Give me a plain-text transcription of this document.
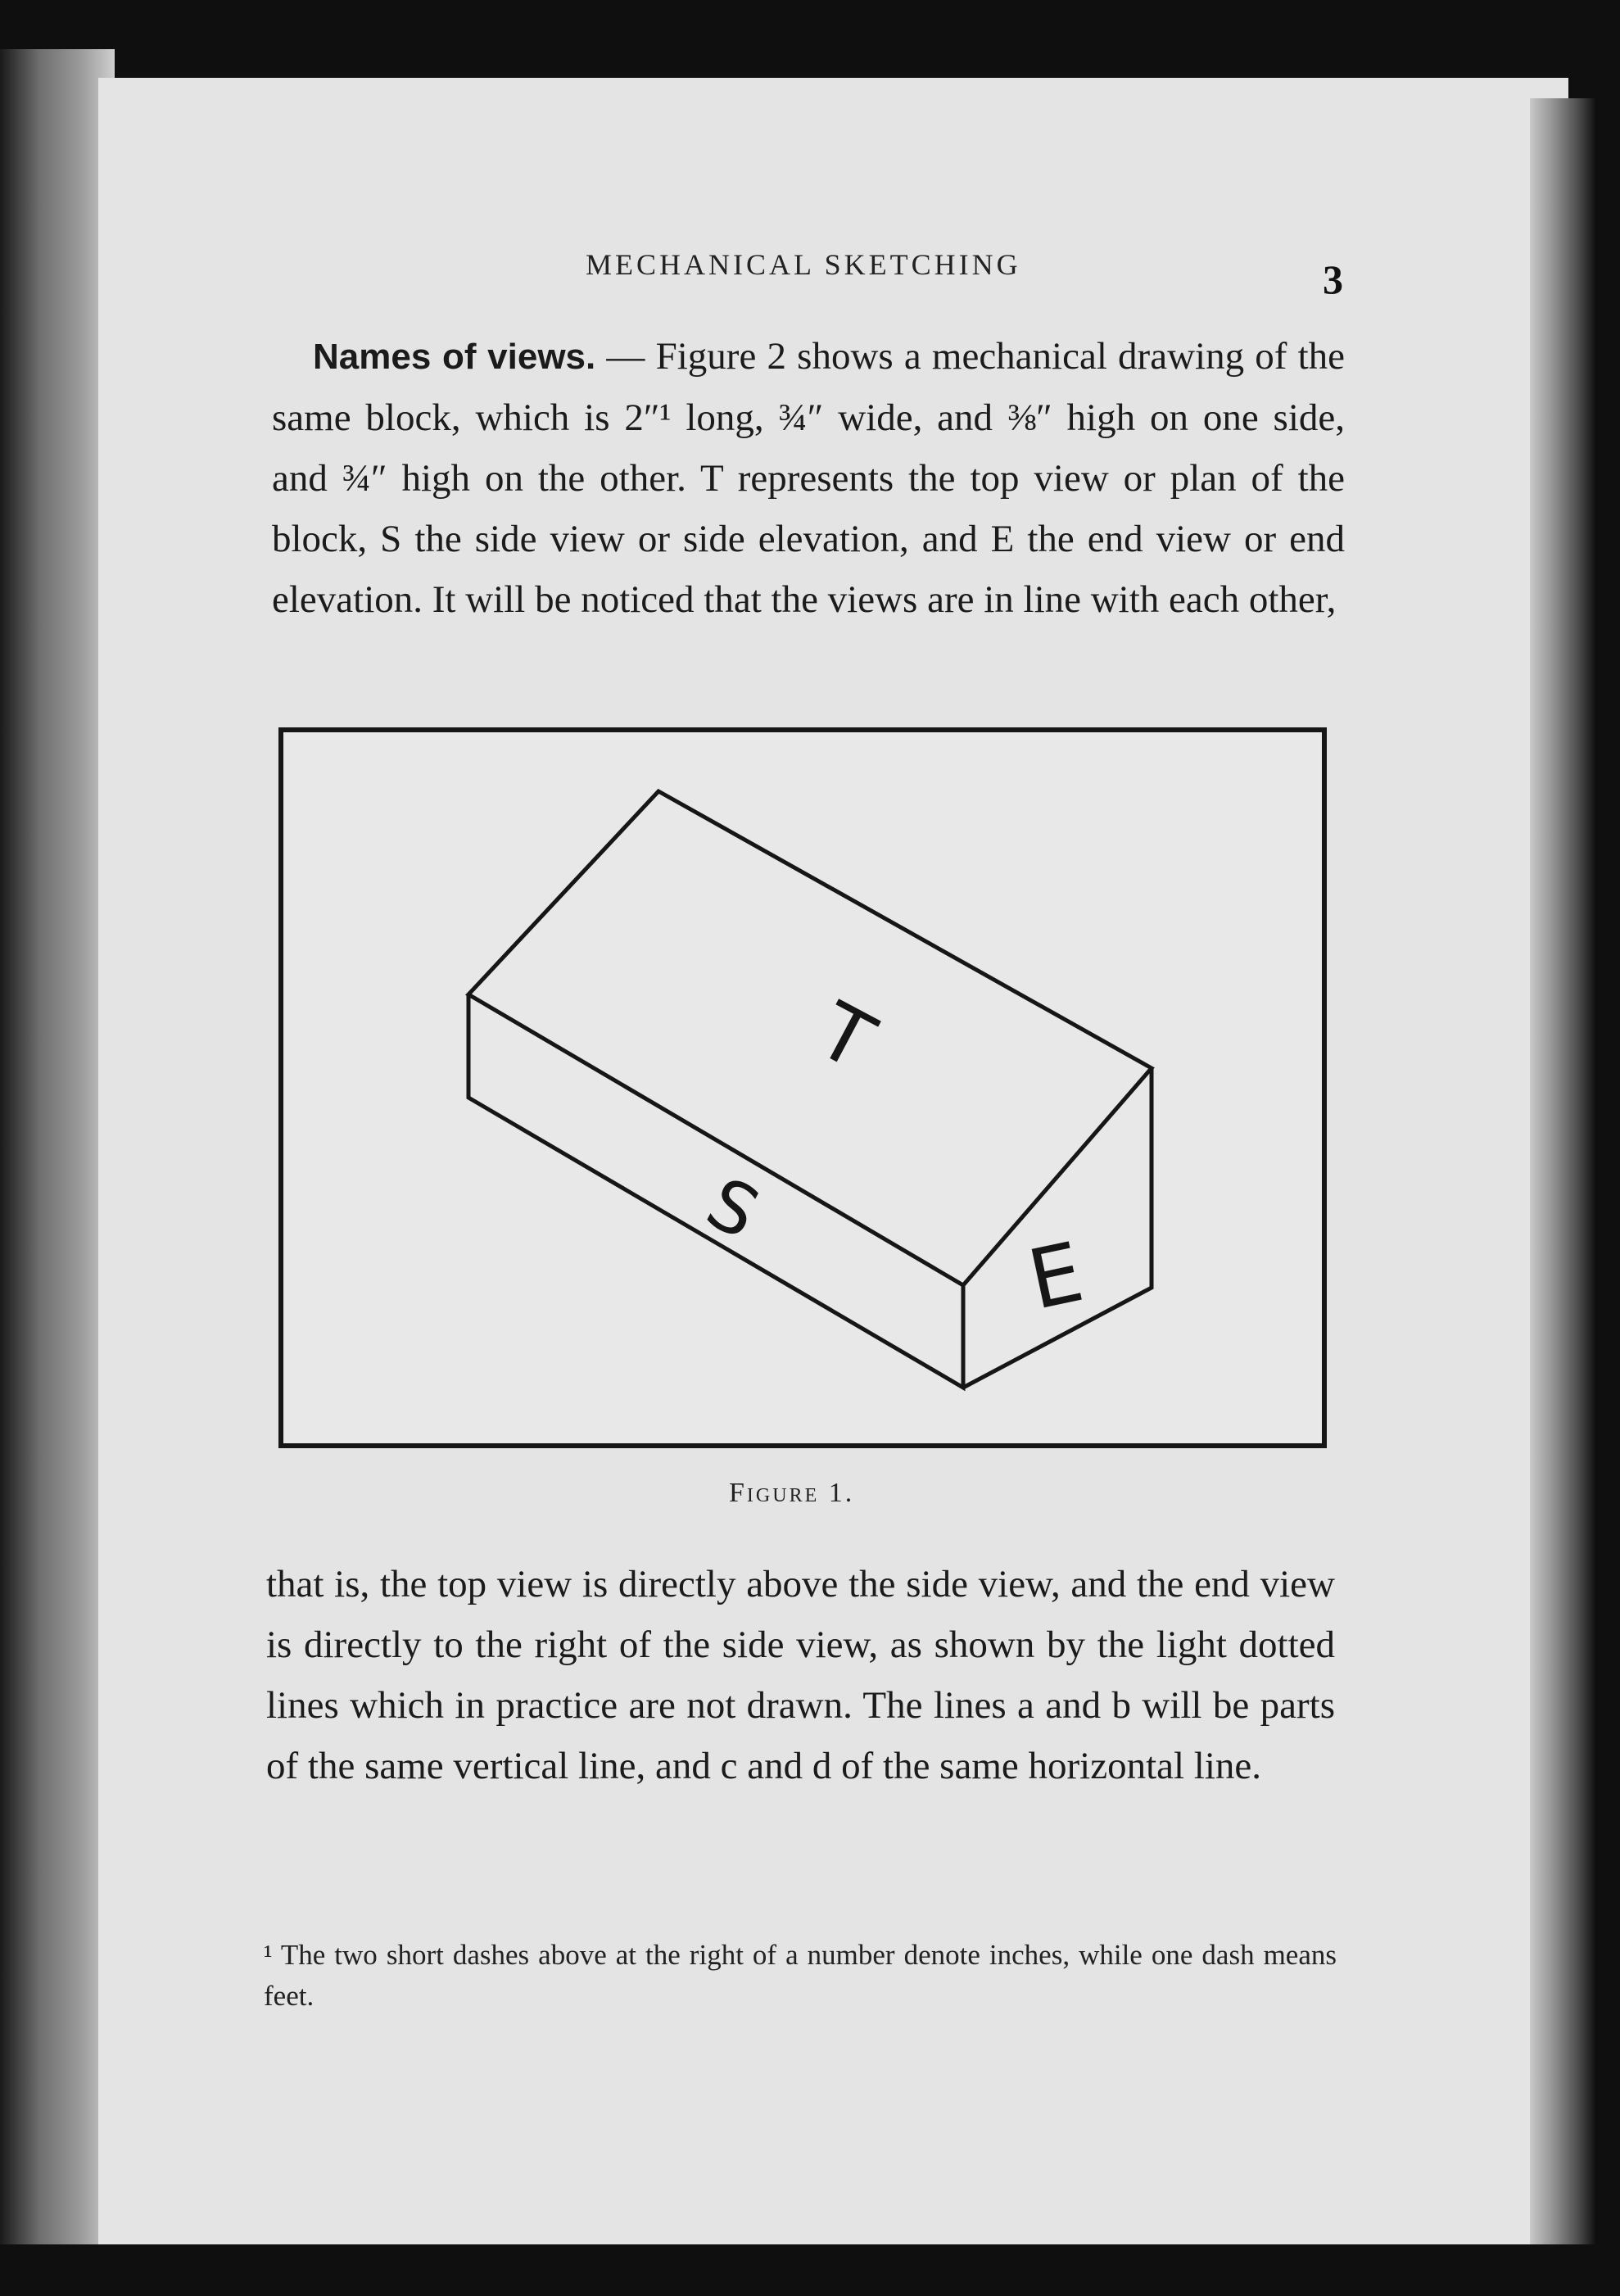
MECHANICAL SKETCHING	3
Names of views. — Figure 2 shows a mechanical drawing of the same block, which is 2″¹ long, ¾″ wide, and ⅜″ high on one side, and ¾″ high on the other. T represents the top view or plan of the block, S the side view or side elevation, and E the end view or end elevation. It will be noticed that the views are in line with each other,
T
S
E
Figure 1.
that is, the top view is directly above the side view, and the end view is directly to the right of the side view, as shown by the light dotted lines which in practice are not drawn. The lines a and b will be parts of the same vertical line, and c and d of the same horizontal line.
¹ The two short dashes above at the right of a number denote inches, while one dash means feet.
